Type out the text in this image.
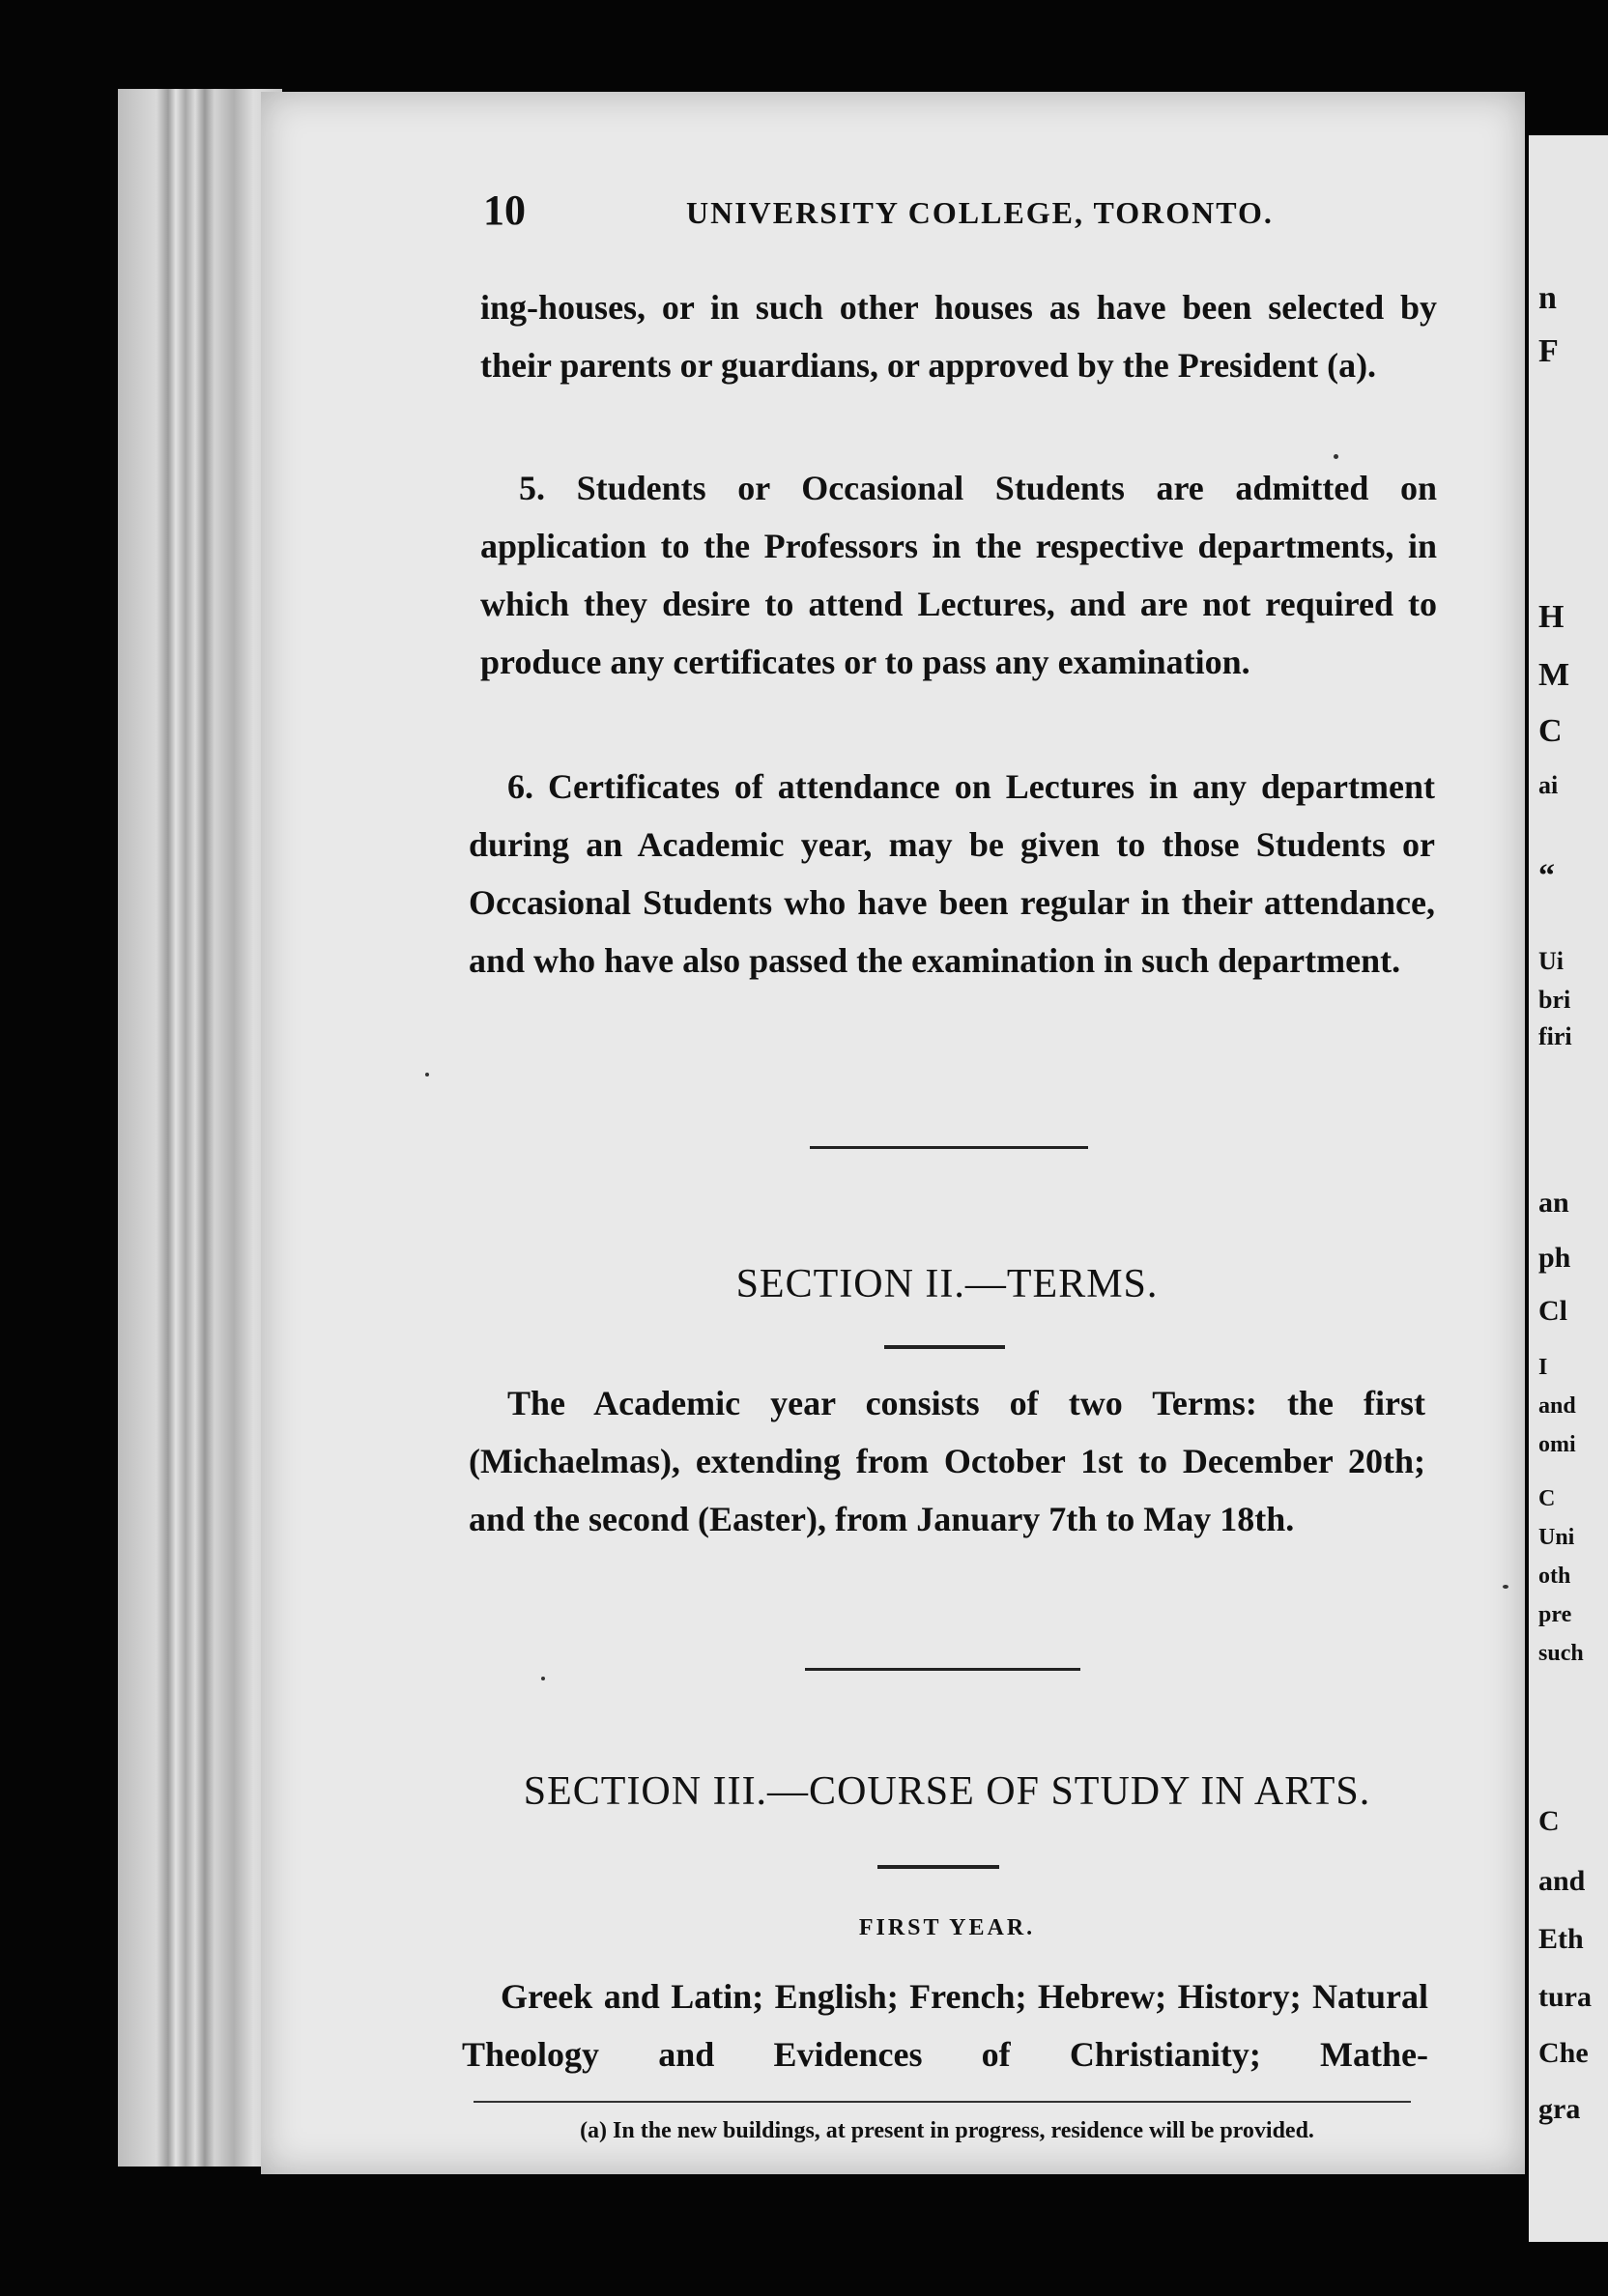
n
F
H
M
C
ai
“
Ui
bri
firi
an
ph
Cl
I
and
omi
C
Uni
oth
pre
such
C
and
Eth
tura
Che
gra
10	UNIVERSITY COLLEGE, TORONTO.

ing-houses, or in such other houses as have been selected by their parents or guardians, or approved by the President (a).

5. Students or Occasional Students are admitted on application to the Professors in the respective departments, in which they desire to attend Lectures, and are not required to produce any certificates or to pass any examination.

6. Certificates of attendance on Lectures in any department during an Academic year, may be given to those Students or Occasional Students who have been regular in their attendance, and who have also passed the examination in such department.

SECTION II.—TERMS.

The Academic year consists of two Terms: the first (Michaelmas), extending from October 1st to December 20th; and the second (Easter), from January 7th to May 18th.

SECTION III.—COURSE OF STUDY IN ARTS.
FIRST YEAR.

Greek and Latin; English; French; Hebrew; History; Natural Theology and Evidences of Christianity; Mathe-

(a) In the new buildings, at present in progress, residence will be provided.
